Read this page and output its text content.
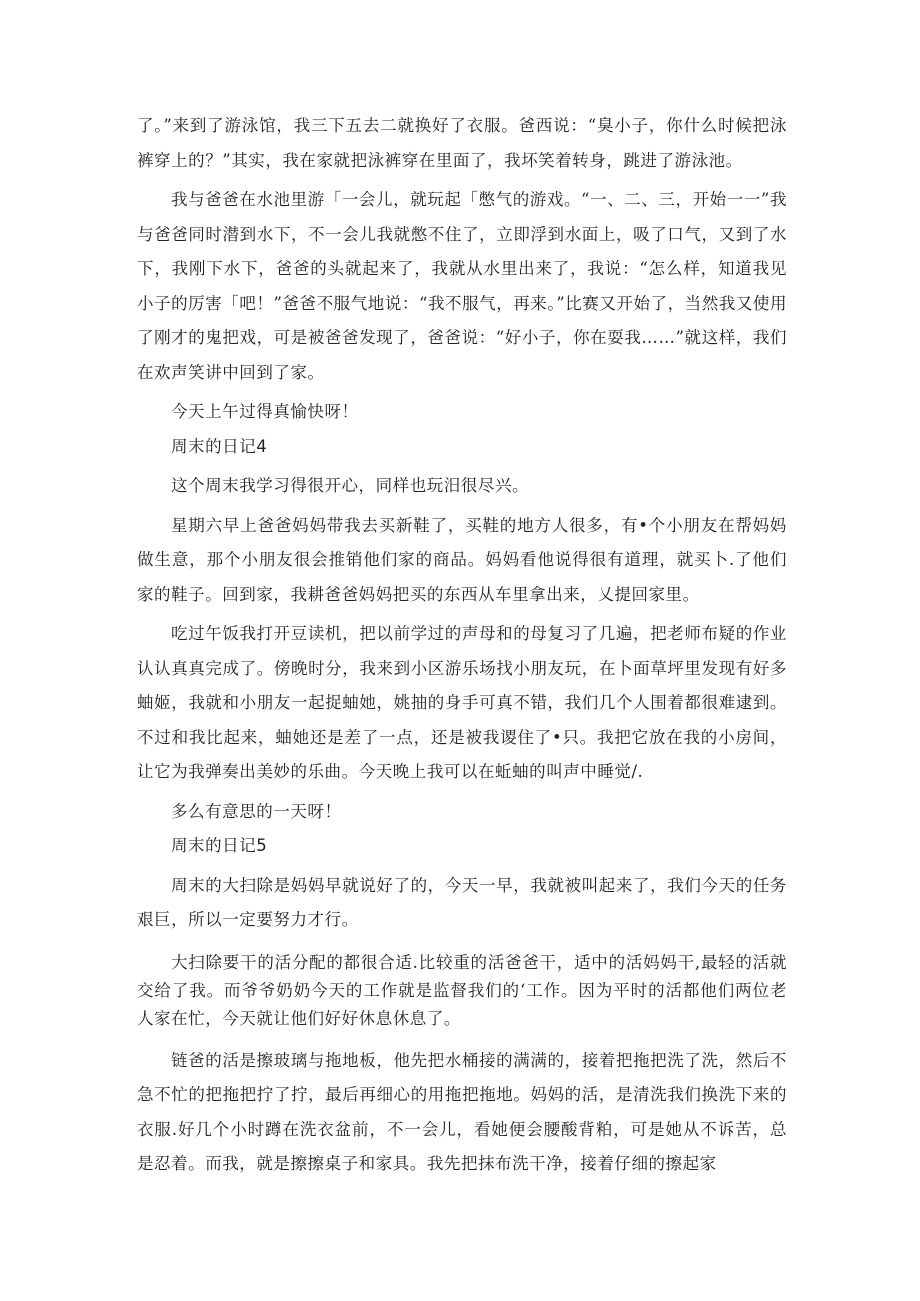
了。”来到了游泳馆，我三下五去二就换好了衣服。爸西说：“臭小子，你什么时候把泳裤穿上的？”其实，我在家就把泳裤穿在里面了，我坏笑着转身，跳进了游泳池。

我与爸爸在水池里游「一会儿，就玩起「憋气的游戏。“一、二、三，开始一一”我与爸爸同时潜到水下，不一会儿我就憋不住了，立即浮到水面上，吸了口气，又到了水下，我刚下水下，爸爸的头就起来了，我就从水里出来了，我说：“怎么样，知道我见小子的厉害「吧！”爸爸不服气地说：“我不服气，再来。”比赛又开始了，当然我又使用了刚才的鬼把戏，可是被爸爸发现了，爸爸说：“好小子，你在耍我……”就这样，我们在欢声笑讲中回到了家。

今天上午过得真愉快呀！

周末的日记4

这个周末我学习得很开心，同样也玩汨很尽兴。

星期六早上爸爸妈妈带我去买新鞋了，买鞋的地方人很多，有•个小朋友在帮妈妈做生意，那个小朋友很会推销他们家的商品。妈妈看他说得很有道理，就买卜.了他们家的鞋子。回到家，我耕爸爸妈妈把买的东西从车里拿出来，乂提回家里。

吃过午饭我打开豆读机，把以前学过的声母和的母复习了几遍，把老师布疑的作业认认真真完成了。傍晚时分，我来到小区游乐场找小朋友玩，在卜面草坪里发现有好多蚰姬，我就和小朋友一起捉蚰她，姚抽的身手可真不错，我们几个人围着都很难逮到。不过和我比起来，蚰她还是差了一点，还是被我谡住了•只。我把它放在我的小房间，让它为我弹奏出美妙的乐曲。今天晚上我可以在蚯蚰的叫声中睡觉/.

多么有意思的一天呀！

周末的日记5

周末的大扫除是妈妈早就说好了的，今天一早，我就被叫起来了，我们今天的任务艰巨，所以一定要努力才行。

大扫除要干的活分配的都很合适.比较重的活爸爸干，适中的活妈妈干,最轻的活就交给了我。而爷爷奶奶今天的工作就是监督我们的‘工作。因为平时的活都他们两位老人家在忙，今天就让他们好好休息休息了。

链爸的活是擦玻璃与拖地板，他先把水桶接的满满的，接着把拖把洗了洗，然后不急不忙的把拖把拧了拧，最后再细心的用拖把拖地。妈妈的活，是清洗我们换洗下来的衣服.好几个小时蹲在洗衣盆前，不一会儿，看她便会腰酸背粕，可是她从不诉苦，总是忍着。而我，就是擦擦桌子和家具。我先把抹布洗干净，接着仔细的擦起家
